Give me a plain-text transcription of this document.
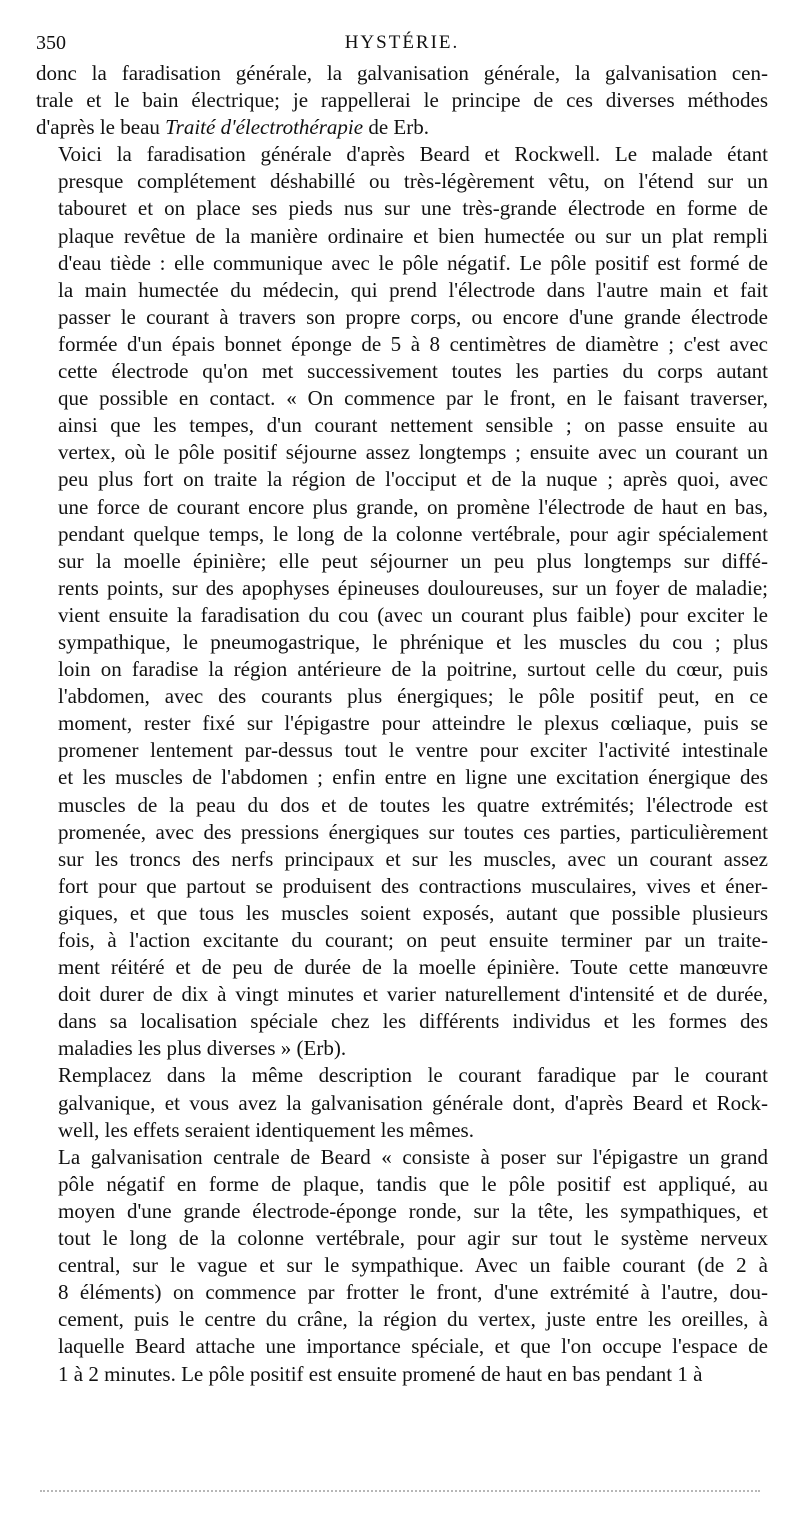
350	HYSTÉRIE.

donc la faradisation générale, la galvanisation générale, la galvanisation cen-
trale et le bain électrique; je rappellerai le principe de ces diverses méthodes
d'après le beau Traité d'électrothérapie de Erb.

Voici la faradisation générale d'après Beard et Rockwell. Le malade étant
presque complétement déshabillé ou très-légèrement vêtu, on l'étend sur un
tabouret et on place ses pieds nus sur une très-grande électrode en forme de
plaque revêtue de la manière ordinaire et bien humectée ou sur un plat rempli
d'eau tiède : elle communique avec le pôle négatif. Le pôle positif est formé de
la main humectée du médecin, qui prend l'électrode dans l'autre main et fait
passer le courant à travers son propre corps, ou encore d'une grande électrode
formée d'un épais bonnet éponge de 5 à 8 centimètres de diamètre ; c'est avec
cette électrode qu'on met successivement toutes les parties du corps autant
que possible en contact. « On commence par le front, en le faisant traverser,
ainsi que les tempes, d'un courant nettement sensible ; on passe ensuite au
vertex, où le pôle positif séjourne assez longtemps ; ensuite avec un courant un
peu plus fort on traite la région de l'occiput et de la nuque ; après quoi, avec
une force de courant encore plus grande, on promène l'électrode de haut en bas,
pendant quelque temps, le long de la colonne vertébrale, pour agir spécialement
sur la moelle épinière; elle peut séjourner un peu plus longtemps sur diffé-
rents points, sur des apophyses épineuses douloureuses, sur un foyer de maladie;
vient ensuite la faradisation du cou (avec un courant plus faible) pour exciter le
sympathique, le pneumogastrique, le phrénique et les muscles du cou ; plus
loin on faradise la région antérieure de la poitrine, surtout celle du cœur, puis
l'abdomen, avec des courants plus énergiques; le pôle positif peut, en ce
moment, rester fixé sur l'épigastre pour atteindre le plexus cœliaque, puis se
promener lentement par-dessus tout le ventre pour exciter l'activité intestinale
et les muscles de l'abdomen ; enfin entre en ligne une excitation énergique des
muscles de la peau du dos et de toutes les quatre extrémités; l'électrode est
promenée, avec des pressions énergiques sur toutes ces parties, particulièrement
sur les troncs des nerfs principaux et sur les muscles, avec un courant assez
fort pour que partout se produisent des contractions musculaires, vives et éner-
giques, et que tous les muscles soient exposés, autant que possible plusieurs
fois, à l'action excitante du courant; on peut ensuite terminer par un traite-
ment réitéré et de peu de durée de la moelle épinière. Toute cette manœuvre
doit durer de dix à vingt minutes et varier naturellement d'intensité et de durée,
dans sa localisation spéciale chez les différents individus et les formes des
maladies les plus diverses » (Erb).

Remplacez dans la même description le courant faradique par le courant
galvanique, et vous avez la galvanisation générale dont, d'après Beard et Rock-
well, les effets seraient identiquement les mêmes.

La galvanisation centrale de Beard « consiste à poser sur l'épigastre un grand
pôle négatif en forme de plaque, tandis que le pôle positif est appliqué, au
moyen d'une grande électrode-éponge ronde, sur la tête, les sympathiques, et
tout le long de la colonne vertébrale, pour agir sur tout le système nerveux
central, sur le vague et sur le sympathique. Avec un faible courant (de 2 à
8 éléments) on commence par frotter le front, d'une extrémité à l'autre, dou-
cement, puis le centre du crâne, la région du vertex, juste entre les oreilles, à
laquelle Beard attache une importance spéciale, et que l'on occupe l'espace de
1 à 2 minutes. Le pôle positif est ensuite promené de haut en bas pendant 1 à
